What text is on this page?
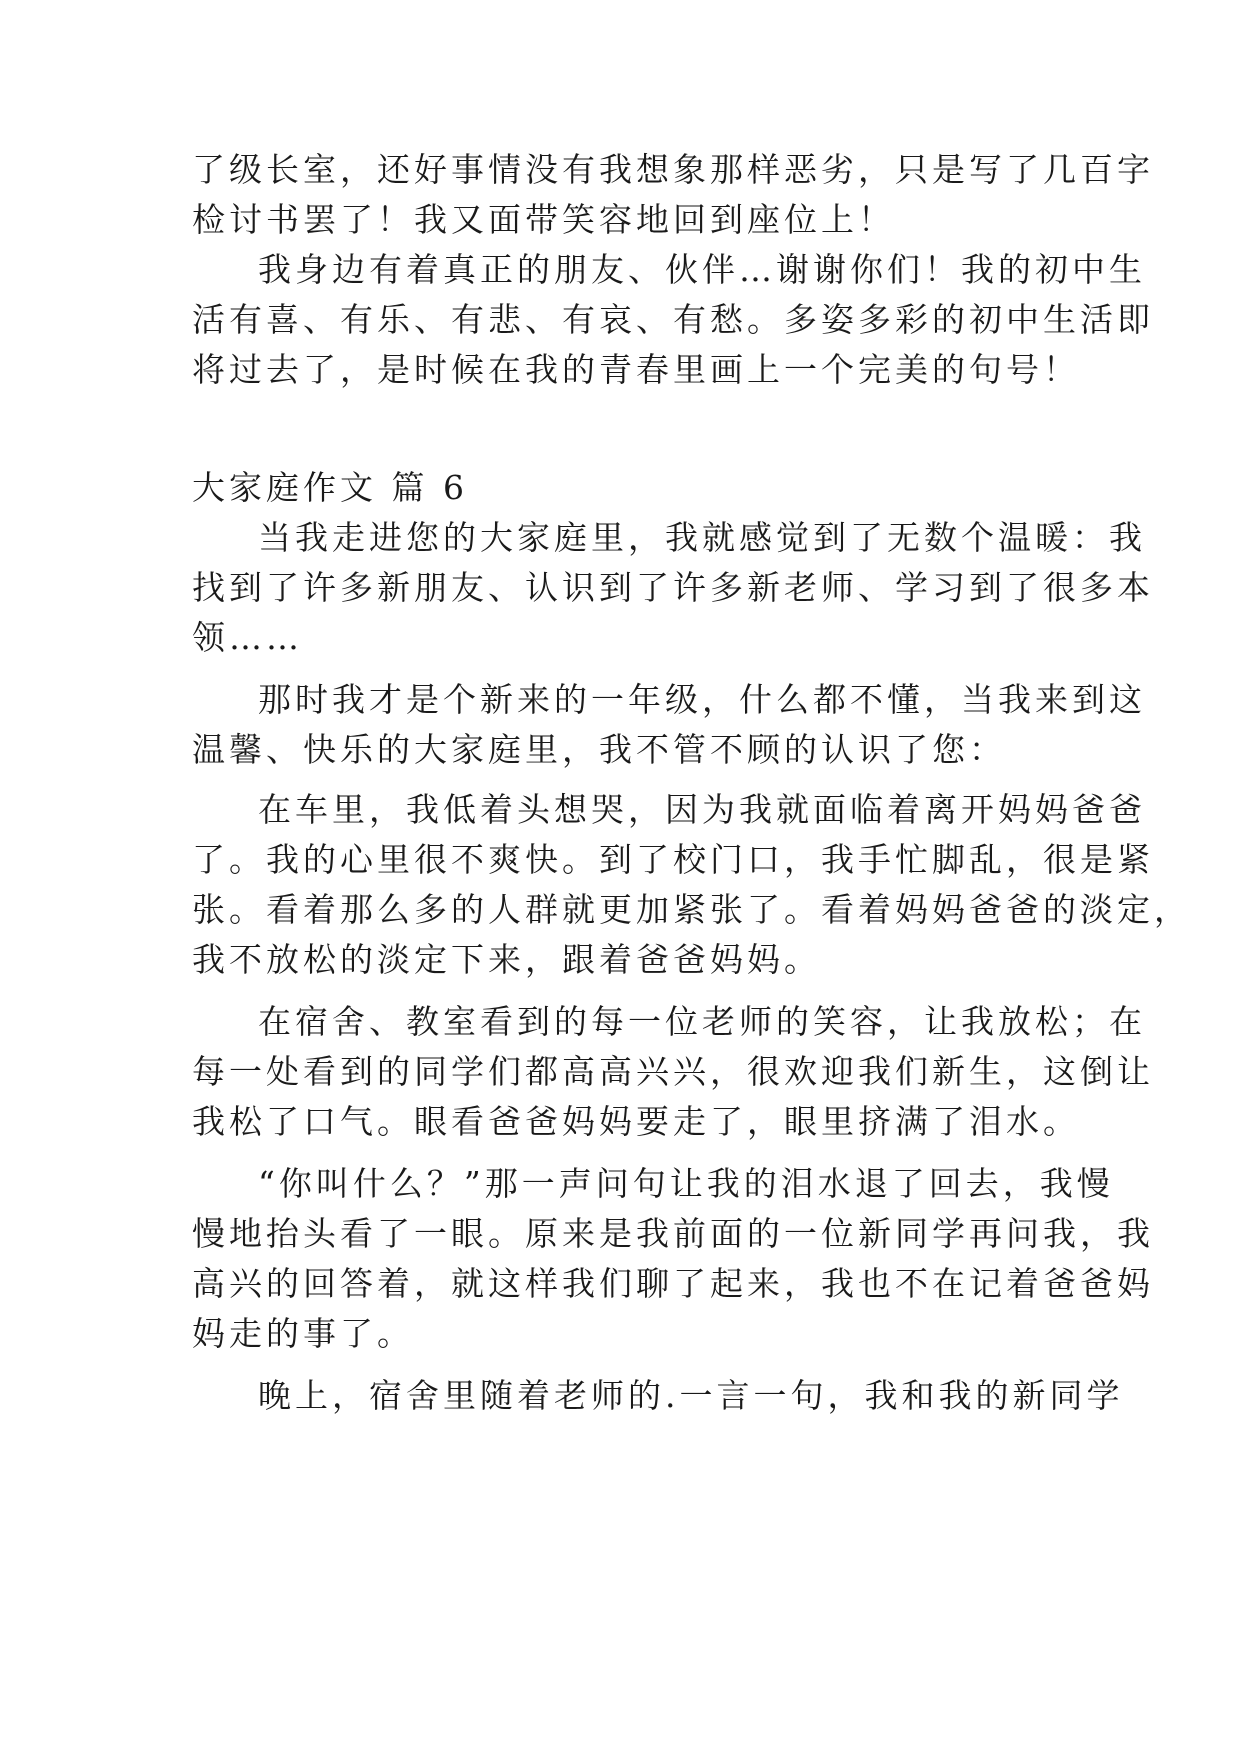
了级长室，还好事情没有我想象那样恶劣，只是写了几百字
检讨书罢了！我又面带笑容地回到座位上！
我身边有着真正的朋友、伙伴…谢谢你们！我的初中生
活有喜、有乐、有悲、有哀、有愁。多姿多彩的初中生活即
将过去了，是时候在我的青春里画上一个完美的句号！
大家庭作文 篇 6
当我走进您的大家庭里，我就感觉到了无数个温暖：我
找到了许多新朋友、认识到了许多新老师、学习到了很多本
领……
那时我才是个新来的一年级，什么都不懂，当我来到这
温馨、快乐的大家庭里，我不管不顾的认识了您：
在车里，我低着头想哭，因为我就面临着离开妈妈爸爸
了。我的心里很不爽快。到了校门口，我手忙脚乱，很是紧
张。看着那么多的人群就更加紧张了。看着妈妈爸爸的淡定，
我不放松的淡定下来，跟着爸爸妈妈。
在宿舍、教室看到的每一位老师的笑容，让我放松；在
每一处看到的同学们都高高兴兴，很欢迎我们新生，这倒让
我松了口气。眼看爸爸妈妈要走了，眼里挤满了泪水。
“你叫什么？”那一声问句让我的泪水退了回去，我慢
慢地抬头看了一眼。原来是我前面的一位新同学再问我，我
高兴的回答着，就这样我们聊了起来，我也不在记着爸爸妈
妈走的事了。
晚上，宿舍里随着老师的.一言一句，我和我的新同学
